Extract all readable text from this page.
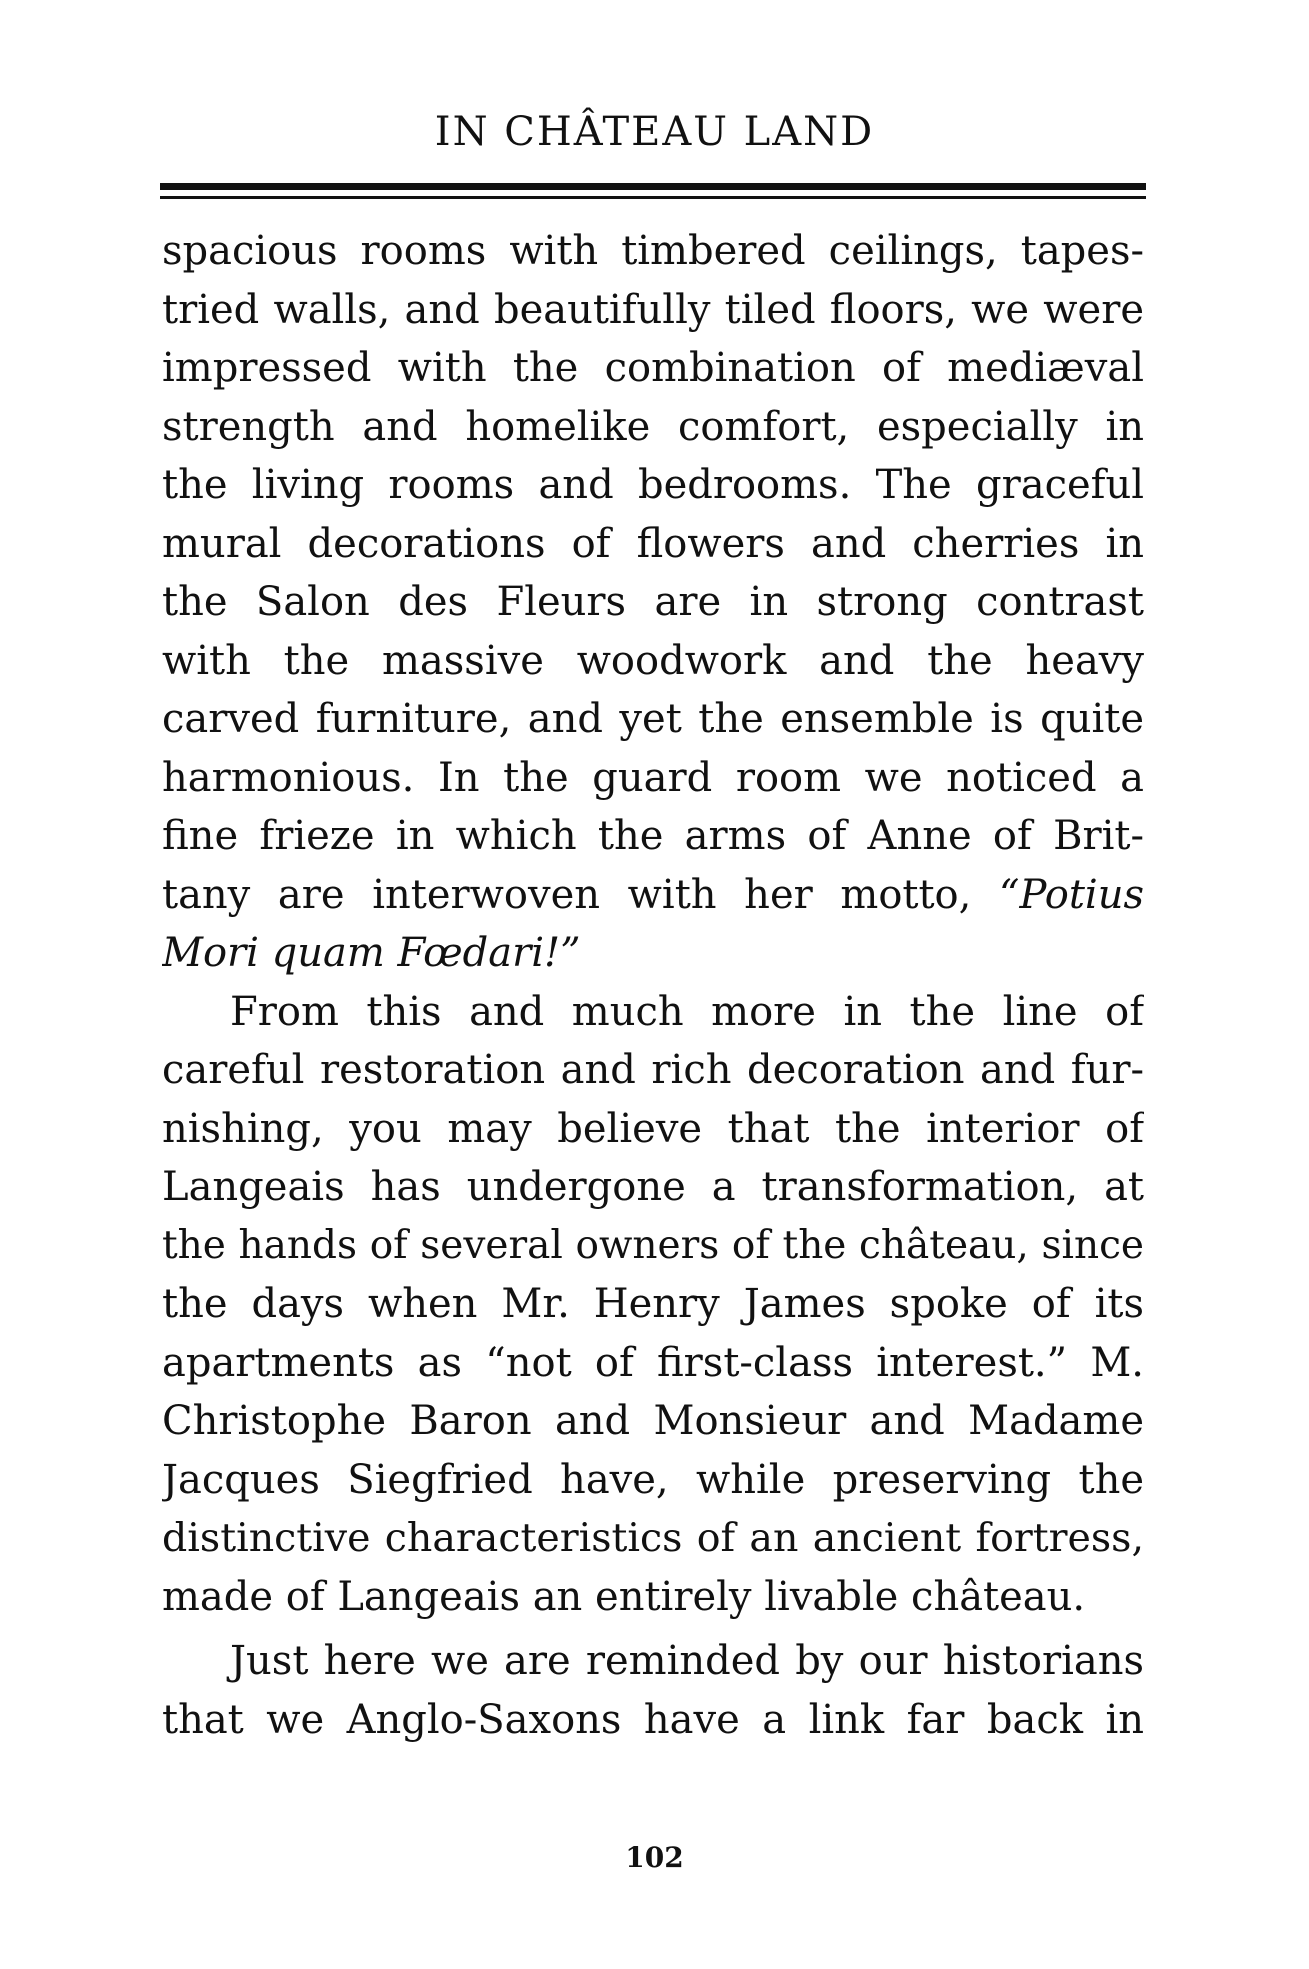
IN CHÂTEAU LAND
spacious rooms with timbered ceilings, tapes-
tried walls, and beautifully tiled floors, we were
impressed with the combination of mediæval
strength and homelike comfort, especially in
the living rooms and bedrooms. The graceful
mural decorations of flowers and cherries in
the Salon des Fleurs are in strong contrast
with the massive woodwork and the heavy
carved furniture, and yet the ensemble is quite
harmonious. In the guard room we noticed a
fine frieze in which the arms of Anne of Brit-
tany are interwoven with her motto, “Potius
Mori quam Fœdari!”
From this and much more in the line of
careful restoration and rich decoration and fur-
nishing, you may believe that the interior of
Langeais has undergone a transformation, at
the hands of several owners of the château, since
the days when Mr. Henry James spoke of its
apartments as “not of first-class interest.” M.
Christophe Baron and Monsieur and Madame
Jacques Siegfried have, while preserving the
distinctive characteristics of an ancient fortress,
made of Langeais an entirely livable château.
Just here we are reminded by our historians
that we Anglo-Saxons have a link far back in
102
